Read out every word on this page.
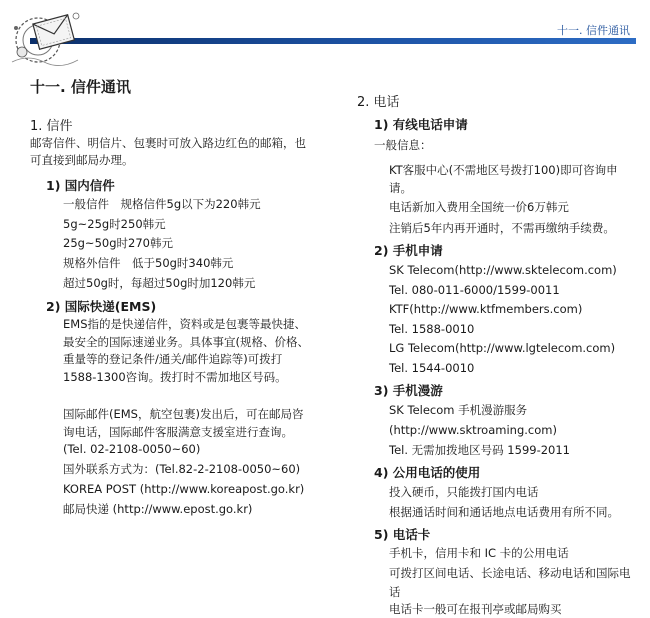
十一. 信件通讯
十一. 信件通讯
1. 信件
邮寄信件、明信片、包裹时可放入路边红色的邮箱，也可直接到邮局办理。
1) 国内信件
一般信件　规格信件5g以下为220韩元
5g~25g时250韩元
25g~50g时270韩元
规格外信件　低于50g时340韩元
超过50g时，每超过50g时加120韩元
2) 国际快递(EMS)
EMS指的是快递信件，资料或是包裹等最快捷、最安全的国际速递业务。具体事宜(规格、价格、重量等的登记条件/通关/邮件追踪等)可拨打1588-1300咨询。拨打时不需加地区号码。
国际邮件(EMS，航空包裹)发出后，可在邮局咨询电话，国际邮件客服满意支援室进行查询。(Tel. 02-2108-0050~60)
国外联系方式为：(Tel.82-2-2108-0050~60)
KOREA POST (http://www.koreapost.go.kr)
邮局快递 (http://www.epost.go.kr)
2. 电话
1) 有线电话申请
一般信息：
KT客服中心(不需地区号拨打100)即可咨询申请。
电话新加入费用全国统一价6万韩元
注销后5年内再开通时，不需再缴纳手续费。
2) 手机申请
SK Telecom(http://www.sktelecom.com)
Tel. 080-011-6000/1599-0011
KTF(http://www.ktfmembers.com)
Tel. 1588-0010
LG Telecom(http://www.lgtelecom.com)
Tel. 1544-0010
3) 手机漫游
SK Telecom 手机漫游服务
(http://www.sktroaming.com)
Tel. 无需加拨地区号码 1599-2011
4) 公用电话的使用
投入硬币，只能拨打国内电话
根据通话时间和通话地点电话费用有所不同。
5) 电话卡
手机卡，信用卡和 IC 卡的公用电话
可拨打区间电话、长途电话、移动电话和国际电话
电话卡一般可在报刊亭或邮局购买
